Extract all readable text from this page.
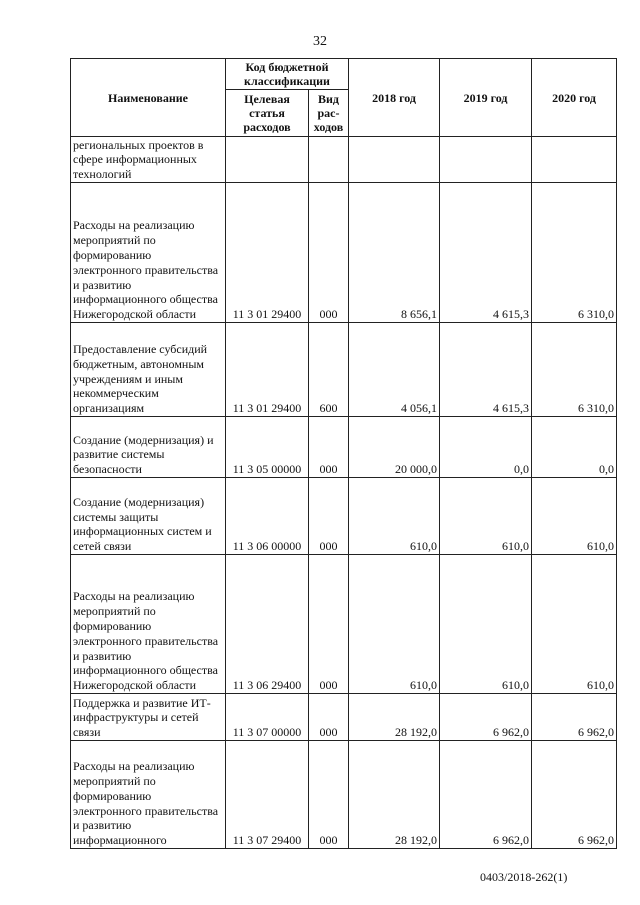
32
Наименование	Код бюджетной классификации		2018 год	2019 год	2020 год
	Целевая статья расходов	Вид рас-ходов			
региональных проектов в сфере информационных технологий					
Расходы на реализацию мероприятий по формированию электронного правительства и развитию информационного общества Нижегородской области	11 3 01 29400	000	8 656,1	4 615,3	6 310,0
Предоставление субсидий бюджетным, автономным учреждениям и иным некоммерческим организациям	11 3 01 29400	600	4 056,1	4 615,3	6 310,0
Создание (модернизация) и развитие системы безопасности	11 3 05 00000	000	20 000,0	0,0	0,0
Создание (модернизация) системы защиты информационных систем и сетей связи	11 3 06 00000	000	610,0	610,0	610,0
Расходы на реализацию мероприятий по формированию электронного правительства и развитию информационного общества Нижегородской области	11 3 06 29400	000	610,0	610,0	610,0
Поддержка и развитие ИТ-инфраструктуры и сетей связи	11 3 07 00000	000	28 192,0	6 962,0	6 962,0
Расходы на реализацию мероприятий по формированию электронного правительства и развитию информационного	11 3 07 29400	000	28 192,0	6 962,0	6 962,0
0403/2018-262(1)
